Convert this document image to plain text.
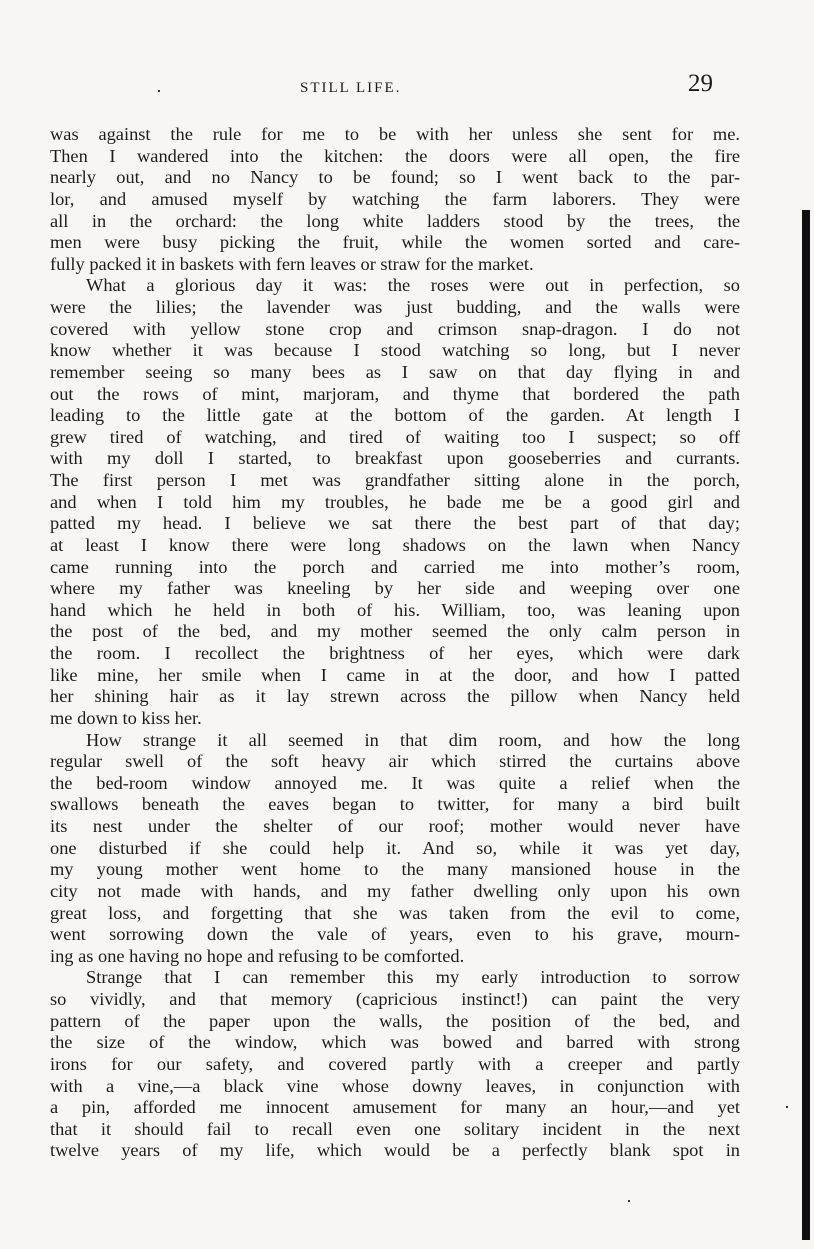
STILL LIFE.	29
was against the rule for me to be with her unless she sent for me.
Then I wandered into the kitchen: the doors were all open, the fire
nearly out, and no Nancy to be found; so I went back to the par-
lor, and amused myself by watching the farm laborers. They were
all in the orchard: the long white ladders stood by the trees, the
men were busy picking the fruit, while the women sorted and care-
fully packed it in baskets with fern leaves or straw for the market.
What a glorious day it was: the roses were out in perfection, so
were the lilies; the lavender was just budding, and the walls were
covered with yellow stone crop and crimson snap-dragon. I do not
know whether it was because I stood watching so long, but I never
remember seeing so many bees as I saw on that day flying in and
out the rows of mint, marjoram, and thyme that bordered the path
leading to the little gate at the bottom of the garden. At length I
grew tired of watching, and tired of waiting too I suspect; so off
with my doll I started, to breakfast upon gooseberries and currants.
The first person I met was grandfather sitting alone in the porch,
and when I told him my troubles, he bade me be a good girl and
patted my head. I believe we sat there the best part of that day;
at least I know there were long shadows on the lawn when Nancy
came running into the porch and carried me into mother’s room,
where my father was kneeling by her side and weeping over one
hand which he held in both of his. William, too, was leaning upon
the post of the bed, and my mother seemed the only calm person in
the room. I recollect the brightness of her eyes, which were dark
like mine, her smile when I came in at the door, and how I patted
her shining hair as it lay strewn across the pillow when Nancy held
me down to kiss her.
How strange it all seemed in that dim room, and how the long
regular swell of the soft heavy air which stirred the curtains above
the bed-room window annoyed me. It was quite a relief when the
swallows beneath the eaves began to twitter, for many a bird built
its nest under the shelter of our roof; mother would never have
one disturbed if she could help it. And so, while it was yet day,
my young mother went home to the many mansioned house in the
city not made with hands, and my father dwelling only upon his own
great loss, and forgetting that she was taken from the evil to come,
went sorrowing down the vale of years, even to his grave, mourn-
ing as one having no hope and refusing to be comforted.
Strange that I can remember this my early introduction to sorrow
so vividly, and that memory (capricious instinct!) can paint the very
pattern of the paper upon the walls, the position of the bed, and
the size of the window, which was bowed and barred with strong
irons for our safety, and covered partly with a creeper and partly
with a vine,—a black vine whose downy leaves, in conjunction with
a pin, afforded me innocent amusement for many an hour,—and yet
that it should fail to recall even one solitary incident in the next
twelve years of my life, which would be a perfectly blank spot in
